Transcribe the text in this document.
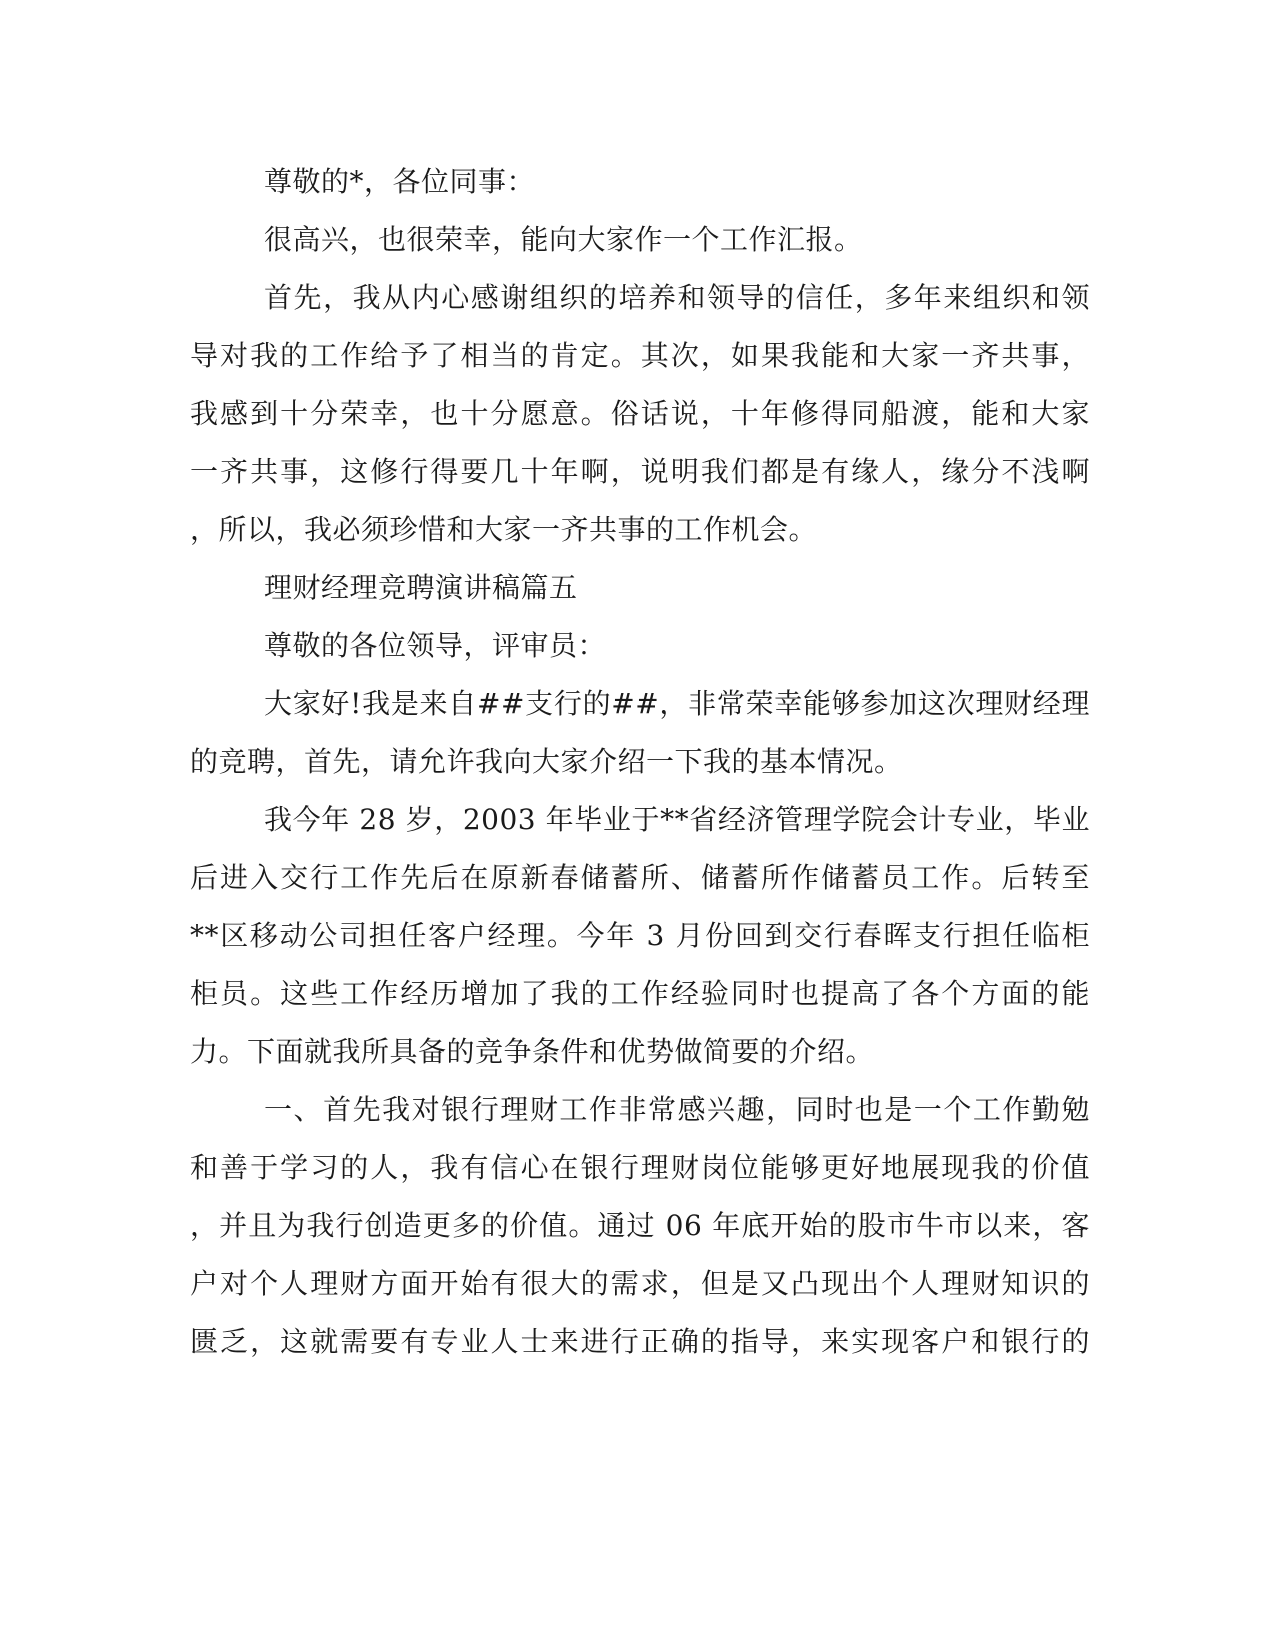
尊敬的*，各位同事：
很高兴，也很荣幸，能向大家作一个工作汇报。
首先，我从内心感谢组织的培养和领导的信任，多年来组织和领
导对我的工作给予了相当的肯定。其次，如果我能和大家一齐共事，
我感到十分荣幸，也十分愿意。俗话说，十年修得同船渡，能和大家
一齐共事，这修行得要几十年啊，说明我们都是有缘人，缘分不浅啊
，所以，我必须珍惜和大家一齐共事的工作机会。
理财经理竞聘演讲稿篇五
尊敬的各位领导，评审员：
大家好!我是来自##支行的##，非常荣幸能够参加这次理财经理
的竞聘，首先，请允许我向大家介绍一下我的基本情况。
我今年 28 岁，2003 年毕业于**省经济管理学院会计专业，毕业
后进入交行工作先后在原新春储蓄所、储蓄所作储蓄员工作。后转至
**区移动公司担任客户经理。今年 3 月份回到交行春晖支行担任临柜
柜员。这些工作经历增加了我的工作经验同时也提高了各个方面的能
力。下面就我所具备的竞争条件和优势做简要的介绍。
一、首先我对银行理财工作非常感兴趣，同时也是一个工作勤勉
和善于学习的人，我有信心在银行理财岗位能够更好地展现我的价值
，并且为我行创造更多的价值。通过 06 年底开始的股市牛市以来，客
户对个人理财方面开始有很大的需求，但是又凸现出个人理财知识的
匮乏，这就需要有专业人士来进行正确的指导，来实现客户和银行的
